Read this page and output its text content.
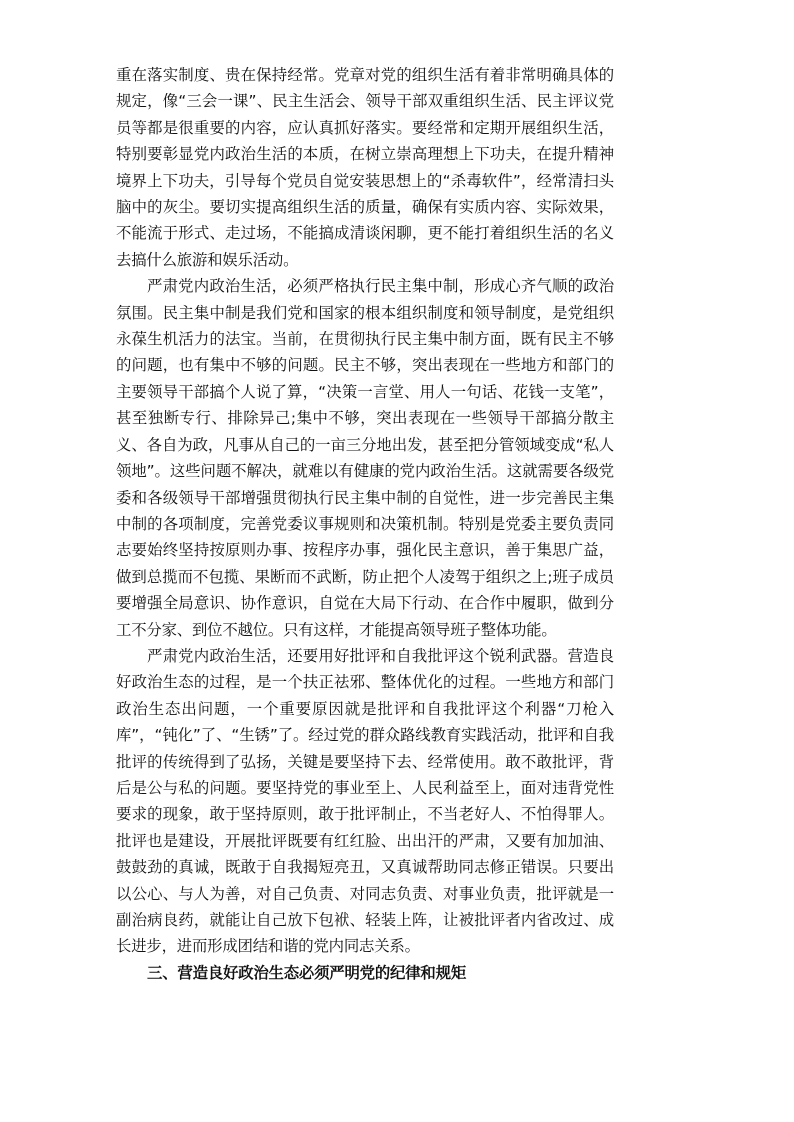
重在落实制度、贵在保持经常。党章对党的组织生活有着非常明确具体的规定，像“三会一课”、民主生活会、领导干部双重组织生活、民主评议党员等都是很重要的内容，应认真抓好落实。要经常和定期开展组织生活，特别要彰显党内政治生活的本质，在树立崇高理想上下功夫，在提升精神境界上下功夫，引导每个党员自觉安装思想上的“杀毒软件”，经常清扫头脑中的灰尘。要切实提高组织生活的质量，确保有实质内容、实际效果，不能流于形式、走过场，不能搞成清谈闲聊，更不能打着组织生活的名义去搞什么旅游和娱乐活动。

严肃党内政治生活，必须严格执行民主集中制，形成心齐气顺的政治氛围。民主集中制是我们党和国家的根本组织制度和领导制度，是党组织永葆生机活力的法宝。当前，在贯彻执行民主集中制方面，既有民主不够的问题，也有集中不够的问题。民主不够，突出表现在一些地方和部门的主要领导干部搞个人说了算，“决策一言堂、用人一句话、花钱一支笔”，甚至独断专行、排除异己;集中不够，突出表现在一些领导干部搞分散主义、各自为政，凡事从自己的一亩三分地出发，甚至把分管领域变成“私人领地”。这些问题不解决，就难以有健康的党内政治生活。这就需要各级党委和各级领导干部增强贯彻执行民主集中制的自觉性，进一步完善民主集中制的各项制度，完善党委议事规则和决策机制。特别是党委主要负责同志要始终坚持按原则办事、按程序办事，强化民主意识，善于集思广益，做到总揽而不包揽、果断而不武断，防止把个人凌驾于组织之上;班子成员要增强全局意识、协作意识，自觉在大局下行动、在合作中履职，做到分工不分家、到位不越位。只有这样，才能提高领导班子整体功能。

严肃党内政治生活，还要用好批评和自我批评这个锐利武器。营造良好政治生态的过程，是一个扶正祛邪、整体优化的过程。一些地方和部门政治生态出问题，一个重要原因就是批评和自我批评这个利器“刀枪入库”，“钝化”了、“生锈”了。经过党的群众路线教育实践活动，批评和自我批评的传统得到了弘扬，关键是要坚持下去、经常使用。敢不敢批评，背后是公与私的问题。要坚持党的事业至上、人民利益至上，面对违背党性要求的现象，敢于坚持原则，敢于批评制止，不当老好人、不怕得罪人。批评也是建设，开展批评既要有红红脸、出出汗的严肃，又要有加加油、鼓鼓劲的真诚，既敢于自我揭短亮丑，又真诚帮助同志修正错误。只要出以公心、与人为善，对自己负责、对同志负责、对事业负责，批评就是一副治病良药，就能让自己放下包袱、轻装上阵，让被批评者内省改过、成长进步，进而形成团结和谐的党内同志关系。

三、营造良好政治生态必须严明党的纪律和规矩
